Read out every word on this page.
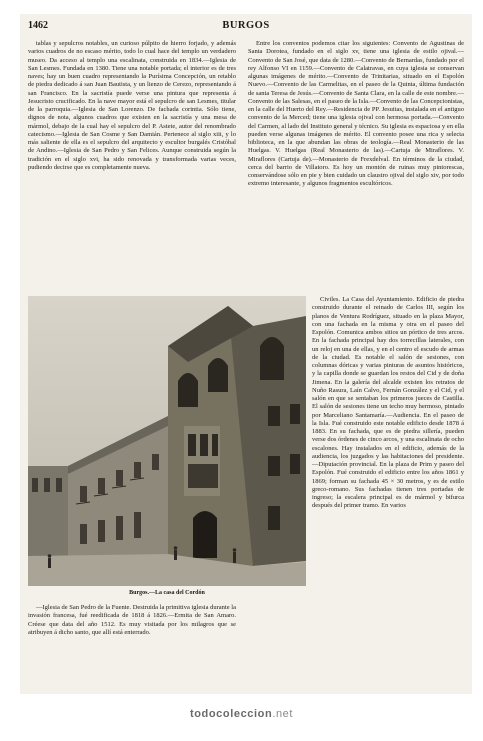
1462	BURGOS

tablas y sepulcros notables, un curioso púlpito de hierro forjado, y además varios cuadros de no escaso mérito, todo lo cual hace del templo un verdadero museo. Da acceso al templo una escalinata, construida en 1834.—Iglesia de San Lesmes. Fundada en 1380. Tiene una notable portada; el interior es de tres naves; hay un buen cuadro representando la Purísima Concepción, un retablo de piedra dedicado á san Juan Bautista, y un lienzo de Cerezo, representando á san Francisco. En la sacristía puede verse una pintura que representa á Jesucristo crucificado. En la nave mayor está el sepulcro de san Lesmes, titular de la parroquia.—Iglesia de San Lorenzo. De fachada corintia. Sólo tiene, dignos de nota, algunos cuadros que existen en la sacristía y una mesa de mármol, debajo de la cual hay el sepulcro del P. Astete, autor del renombrado catecismo.—Iglesia de San Cosme y San Damián. Pertenece al siglo xiii, y lo más saliente de ella es el sepulcro del arquitecto y escultor burgalés Cristóbal de Andino.—Iglesia de San Pedro y San Felices. Aunque construida según la tradición en el siglo xvi, ha sido renovada y transformada varias veces, pudiendo decirse que es completamente nueva.

Entre los conventos podemos citar los siguientes: Convento de Agustinas de Santa Dorotea, fundado en el siglo xv, tiene una iglesia de estilo ojival.—Convento de San José, que data de 1280.—Convento de Bernardas, fundado por el rey Alfonso VI en 1159.—Convento de Calatravas, en cuya iglesia se conservan algunas imágenes de mérito.—Convento de Trinitarias, situado en el Espolón Nuevo.—Convento de las Carmelitas, en el paseo de la Quinta, última fundación de santa Teresa de Jesús.—Convento de Santa Clara, en la calle de este nombre.—Convento de las Salesas, en el paseo de la Isla.—Convento de las Concepcionistas, en la calle del Huerto del Rey.—Residencia de PP. Jesuitas, instalada en el antiguo convento de la Merced; tiene una iglesia ojival con hermosa portada.—Convento del Carmen, al lado del Instituto general y técnico. Su iglesia es espaciosa y en ella pueden verse algunas imágenes de mérito. El convento posee una rica y selecta biblioteca, en la que abundan las obras de teología.—Real Monasterio de las Huelgas. V. Huelgas (Real Monasterio de las).—Cartuja de Miraflores. V. Miraflores (Cartuja de).—Monasterio de Frexdelval. En términos de la ciudad, cerca del barrio de Villatoro. Es hoy un montón de ruinas muy pintorescas, conservándose sólo en pie y bien cuidado un claustro ojival del siglo xiv, por todo extremo interesante, y algunos fragmentos escultóricos.

Burgos.—La casa del Cordón

Civiles. La Casa del Ayuntamiento. Edificio de piedra construido durante el reinado de Carlos III, según los planos de Ventura Rodríguez, situado en la plaza Mayor, con una fachada en la misma y otra en el paseo del Espolón. Comunica ambos sitios un pórtico de tres arcos. En la fachada principal hay dos torrecillas laterales, con un reloj en una de ellas, y en el centro el escudo de armas de la ciudad. Es notable el salón de sesiones, con columnas dóricas y varias pinturas de asuntos históricos, y la capilla donde se guardan los restos del Cid y de doña Jimena. En la galería del alcalde existen los retratos de Nuño Rasura, Laín Calvo, Fernán González y el Cid, y el salón en que se sentaban los primeros jueces de Castilla. El salón de sesiones tiene un techo muy hermoso, pintado por Marceliano Santamaría.—Audiencia. En el paseo de la Isla. Fué construido este notable edificio desde 1878 á 1883. En su fachada, que es de piedra sillería, pueden verse dos órdenes de cinco arcos, y una escalinata de ocho escalones. Hay instalados en el edificio, además de la audiencia, los juzgados y las habitaciones del presidente.—Diputación provincial. En la plaza de Prim y paseo del Espolón. Fué construido el edificio entre los años 1861 y 1869; forman su fachada 45 × 30 metros, y es de estilo greco-romano. Sus fachadas tienen tres portadas de ingreso; la escalera principal es de mármol y bifurca después del primer tramo. En varios

—Iglesia de San Pedro de la Fuente. Destruida la primitiva iglesia durante la invasión francesa, fué reedificada de 1818 á 1826.—Ermita de San Amaro. Créese que data del año 1512. Es muy visitada por los milagros que se atribuyen á dicho santo, que allí está enterrado.

todocoleccion.net
